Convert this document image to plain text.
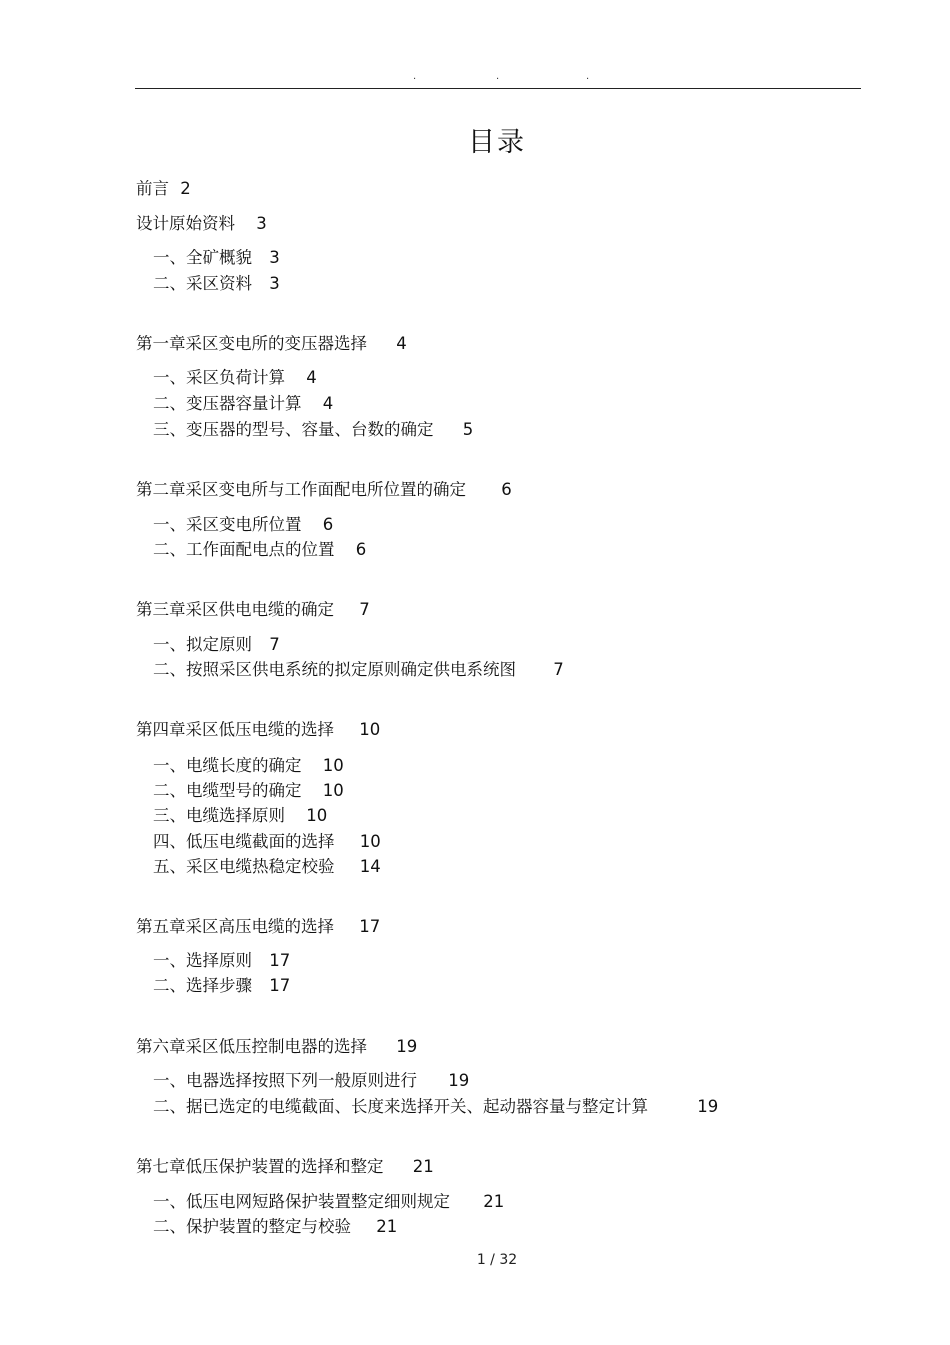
.	.	.
目录
前言 2
设计原始资料 3
一、全矿概貌 3
二、采区资料 3
第一章采区变电所的变压器选择 4
一、采区负荷计算 4
二、变压器容量计算 4
三、变压器的型号、容量、台数的确定 5
第二章采区变电所与工作面配电所位置的确定 6
一、采区变电所位置 6
二、工作面配电点的位置 6
第三章采区供电电缆的确定 7
一、拟定原则 7
二、按照采区供电系统的拟定原则确定供电系统图 7
第四章采区低压电缆的选择 10
一、电缆长度的确定 10
二、电缆型号的确定 10
三、电缆选择原则 10
四、低压电缆截面的选择 10
五、采区电缆热稳定校验 14
第五章采区高压电缆的选择 17
一、选择原则 17
二、选择步骤 17
第六章采区低压控制电器的选择 19
一、电器选择按照下列一般原则进行 19
二、据已选定的电缆截面、长度来选择开关、起动器容量与整定计算	19
第七章低压保护装置的选择和整定 21
一、低压电网短路保护装置整定细则规定 21
二、保护装置的整定与校验 21
1 / 32
